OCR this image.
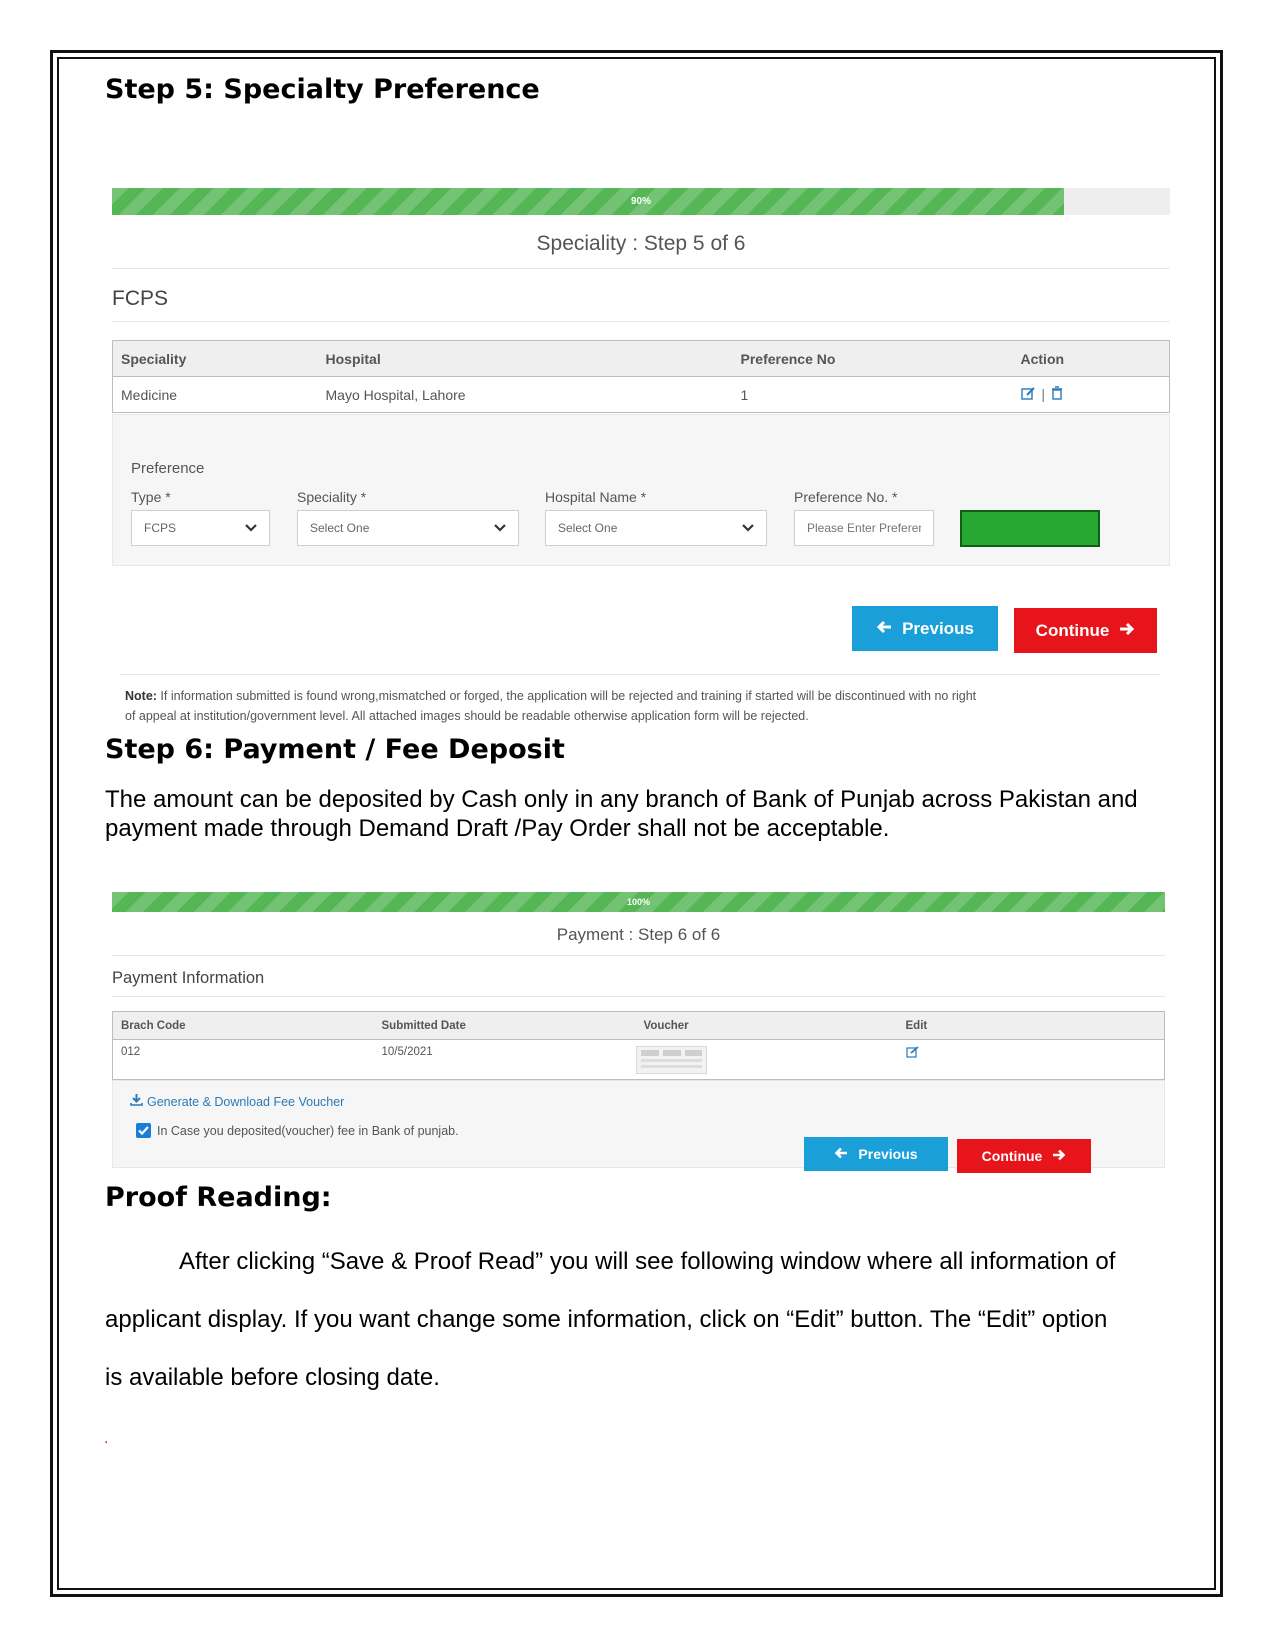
Step 5: Specialty Preference
90%
Speciality : Step 5 of 6
FCPS
Speciality	Hospital	Preference No	Action
Medicine	Mayo Hospital, Lahore	1	|
Preference
Type *
FCPS
Speciality *
Select One
Hospital Name *
Select One
Preference No. *
Please Enter Preferenc
Previous	Continue
Note: If information submitted is found wrong,mismatched or forged, the application will be rejected and training if started will be discontinued with no right
of appeal at institution/government level. All attached images should be readable otherwise application form will be rejected.
Step 6: Payment / Fee Deposit
The amount can be deposited by Cash only in any branch of Bank of Punjab across Pakistan and
payment made through Demand Draft /Pay Order shall not be acceptable.
100%
Payment : Step 6 of 6
Payment Information
Brach Code	Submitted Date	Voucher	Edit
012	10/5/2021	

Generate & Download Fee Voucher
In Case you deposited(voucher) fee in Bank of punjab.
Previous	Continue
Proof Reading:
After clicking “Save & Proof Read” you will see following window where all information of
applicant display. If you want change some information, click on “Edit” button. The “Edit” option
is available before closing date.
.
